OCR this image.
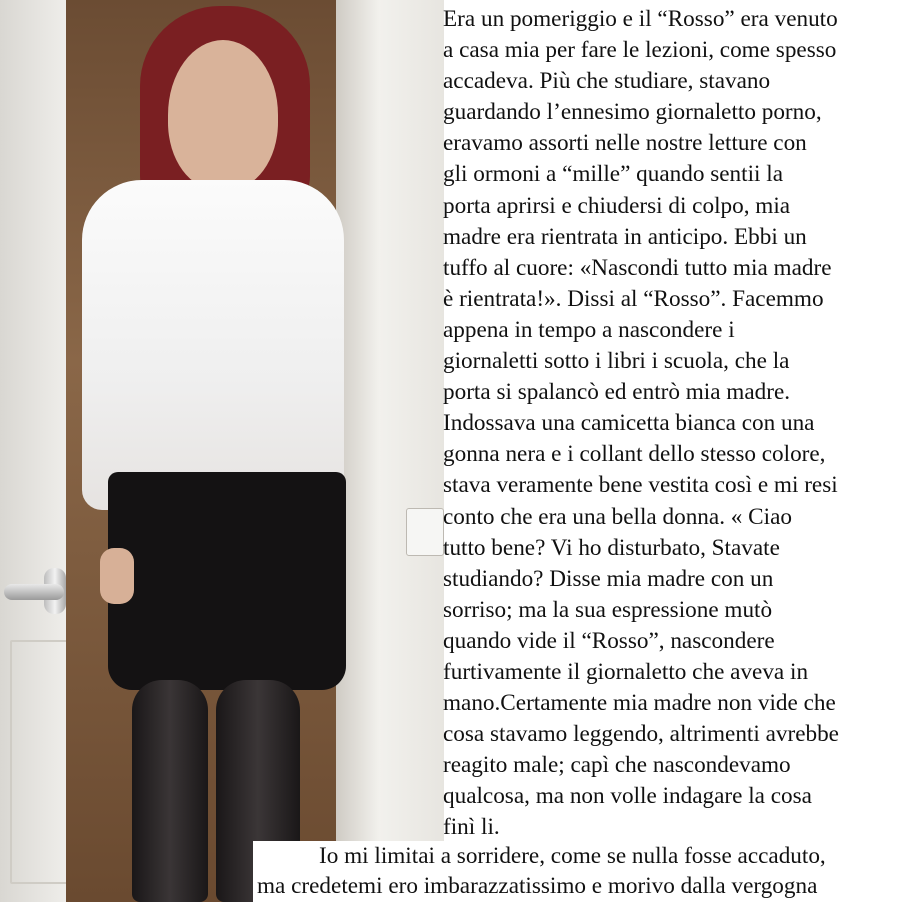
Era un pomeriggio e il “Rosso” era venuto
a casa mia per fare le lezioni, come spesso
accadeva. Più che studiare, stavano
guardando l’ennesimo giornaletto porno,
eravamo assorti nelle nostre letture con
gli ormoni a “mille” quando sentii la
porta aprirsi e chiudersi di colpo, mia
madre era rientrata in anticipo. Ebbi un
tuffo al cuore: «Nascondi tutto mia madre
è rientrata!». Dissi al “Rosso”. Facemmo
appena in tempo a nascondere i
giornaletti sotto i libri i scuola, che la
porta si spalancò ed entrò mia madre.
Indossava una camicetta bianca con una
gonna nera e i collant dello stesso colore,
stava veramente bene vestita così e mi resi
conto che era una bella donna. « Ciao
tutto bene? Vi ho disturbato, Stavate
studiando? Disse mia madre con un
sorriso; ma la sua espressione mutò
quando vide il “Rosso”, nascondere
furtivamente il giornaletto che aveva in
mano.Certamente mia madre non vide che
cosa stavamo leggendo, altrimenti avrebbe
reagito male; capì che nascondevamo
qualcosa, ma non volle indagare la cosa
finì li.
Io mi limitai a sorridere, come se nulla fosse accaduto,
ma credetemi ero imbarazzatissimo e morivo dalla vergogna
